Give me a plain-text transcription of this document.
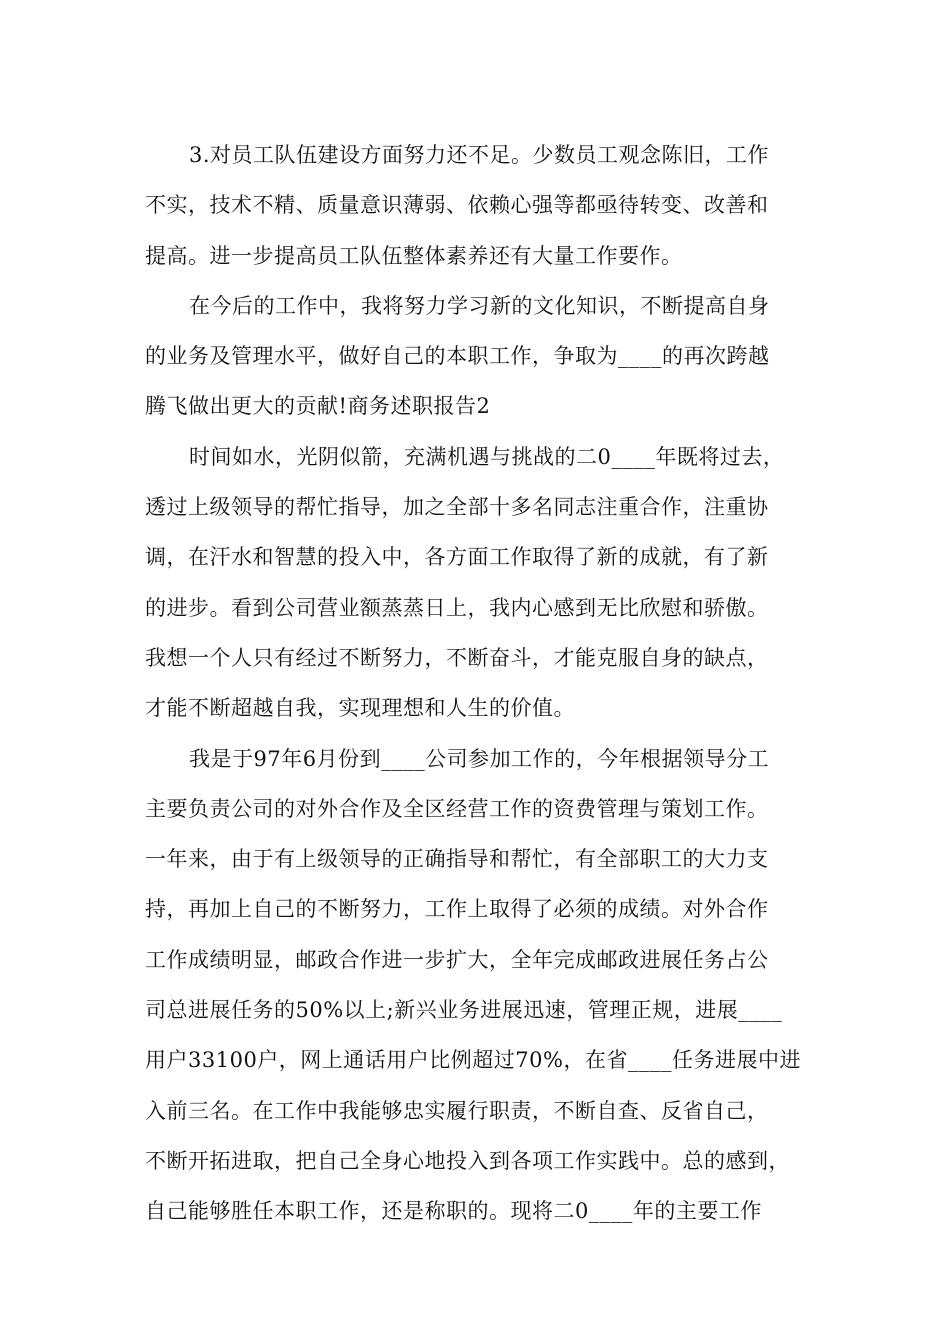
3.对员工队伍建设方面努力还不足。少数员工观念陈旧，工作
不实，技术不精、质量意识薄弱、依赖心强等都亟待转变、改善和
提高。进一步提高员工队伍整体素养还有大量工作要作。
在今后的工作中，我将努力学习新的文化知识，不断提高自身
的业务及管理水平，做好自己的本职工作，争取为____的再次跨越
腾飞做出更大的贡献!商务述职报告2
时间如水，光阴似箭，充满机遇与挑战的二0____年既将过去，
透过上级领导的帮忙指导，加之全部十多名同志注重合作，注重协
调，在汗水和智慧的投入中，各方面工作取得了新的成就，有了新
的进步。看到公司营业额蒸蒸日上，我内心感到无比欣慰和骄傲。
我想一个人只有经过不断努力，不断奋斗，才能克服自身的缺点，
才能不断超越自我，实现理想和人生的价值。
我是于97年6月份到____公司参加工作的，今年根据领导分工
主要负责公司的对外合作及全区经营工作的资费管理与策划工作。
一年来，由于有上级领导的正确指导和帮忙，有全部职工的大力支
持，再加上自己的不断努力，工作上取得了必须的成绩。对外合作
工作成绩明显，邮政合作进一步扩大，全年完成邮政进展任务占公
司总进展任务的50%以上;新兴业务进展迅速，管理正规，进展____
用户33100户，网上通话用户比例超过70%，在省____任务进展中进
入前三名。在工作中我能够忠实履行职责，不断自查、反省自己，
不断开拓进取，把自己全身心地投入到各项工作实践中。总的感到，
自己能够胜任本职工作，还是称职的。现将二0____年的主要工作
